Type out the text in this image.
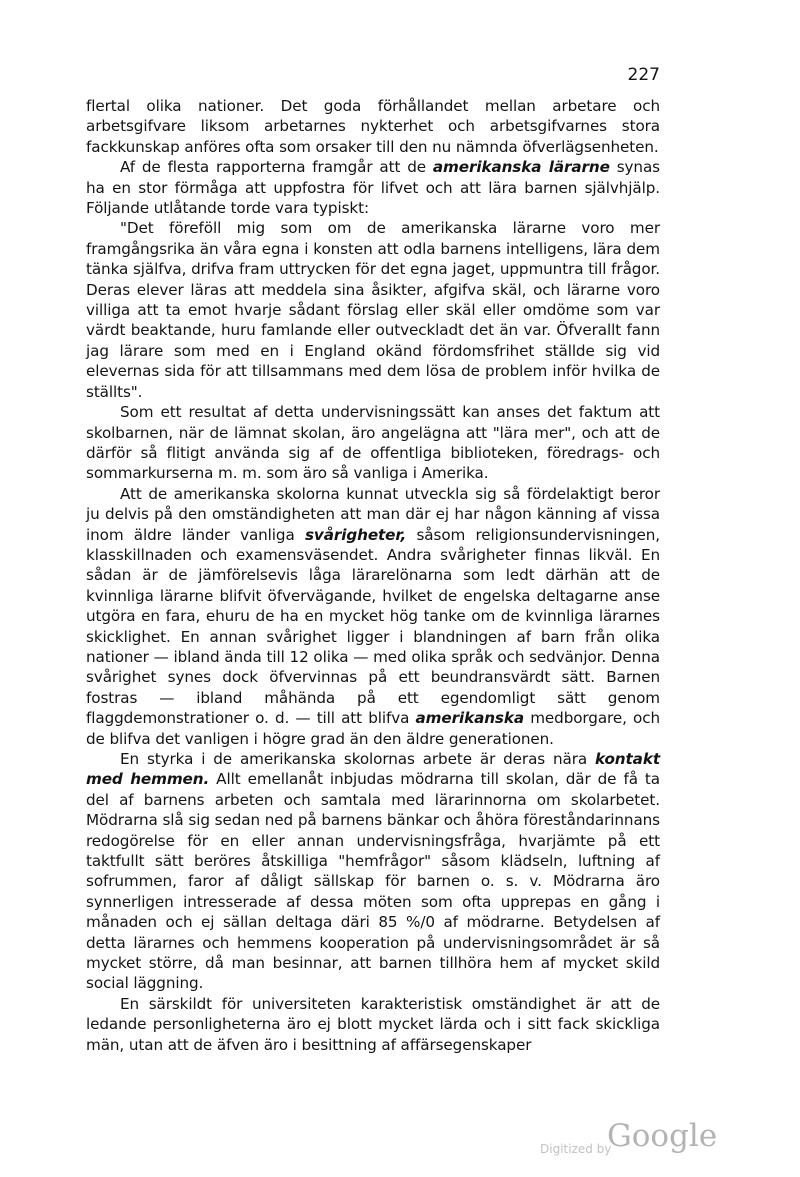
227

flertal olika nationer. Det goda förhållandet mellan arbetare och arbetsgifvare liksom arbetarnes nykterhet och arbetsgifvarnes stora fackkunskap anföres ofta som orsaker till den nu nämnda öfverlägsenheten.

Af de flesta rapporterna framgår att de amerikanska lärarne synas ha en stor förmåga att uppfostra för lifvet och att lära barnen självhjälp. Följande utlåtande torde vara typiskt:

"Det föreföll mig som om de amerikanska lärarne voro mer framgångsrika än våra egna i konsten att odla barnens intelligens, lära dem tänka själfva, drifva fram uttrycken för det egna jaget, uppmuntra till frågor. Deras elever läras att meddela sina åsikter, afgifva skäl, och lärarne voro villiga att ta emot hvarje sådant förslag eller skäl eller omdöme som var värdt beaktande, huru famlande eller outveckladt det än var. Öfverallt fann jag lärare som med en i England okänd fördomsfrihet ställde sig vid elevernas sida för att tillsammans med dem lösa de problem inför hvilka de ställts".

Som ett resultat af detta undervisningssätt kan anses det faktum att skolbarnen, när de lämnat skolan, äro angelägna att "lära mer", och att de därför så flitigt använda sig af de offentliga biblioteken, föredrags- och sommarkurserna m. m. som äro så vanliga i Amerika.

Att de amerikanska skolorna kunnat utveckla sig så fördelaktigt beror ju delvis på den omständigheten att man där ej har någon känning af vissa inom äldre länder vanliga svårigheter, såsom religionsundervisningen, klasskillnaden och examensväsendet. Andra svårigheter finnas likväl. En sådan är de jämförelsevis låga lärarelönarna som ledt därhän att de kvinnliga lärarne blifvit öfvervägande, hvilket de engelska deltagarne anse utgöra en fara, ehuru de ha en mycket hög tanke om de kvinnliga lärarnes skicklighet. En annan svårighet ligger i blandningen af barn från olika nationer — ibland ända till 12 olika — med olika språk och sedvänjor. Denna svårighet synes dock öfvervinnas på ett beundransvärdt sätt. Barnen fostras — ibland måhända på ett egendomligt sätt genom flaggdemonstrationer o. d. — till att blifva amerikanska medborgare, och de blifva det vanligen i högre grad än den äldre generationen.

En styrka i de amerikanska skolornas arbete är deras nära kontakt med hemmen. Allt emellanåt inbjudas mödrarna till skolan, där de få ta del af barnens arbeten och samtala med lärarinnorna om skolarbetet. Mödrarna slå sig sedan ned på barnens bänkar och åhöra föreståndarinnans redogörelse för en eller annan undervisningsfråga, hvarjämte på ett taktfullt sätt beröres åtskilliga "hemfrågor" såsom klädseln, luftning af sofrummen, faror af dåligt sällskap för barnen o. s. v. Mödrarna äro synnerligen intresserade af dessa möten som ofta upprepas en gång i månaden och ej sällan deltaga däri 85 %/0 af mödrarne. Betydelsen af detta lärarnes och hemmens kooperation på undervisningsområdet är så mycket större, då man besinnar, att barnen tillhöra hem af mycket skild social läggning.

En särskildt för universiteten karakteristisk omständighet är att de ledande personligheterna äro ej blott mycket lärda och i sitt fack skickliga män, utan att de äfven äro i besittning af affärsegenskaper

Digitized by
Google
